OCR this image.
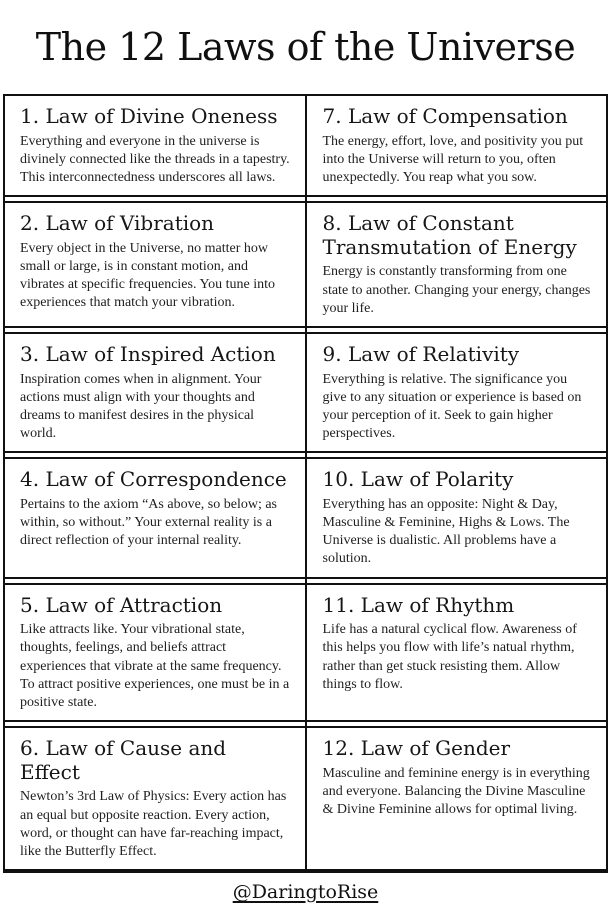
The 12 Laws of the Universe
1. Law of Divine Oneness

Everything and everyone in the universe is divinely connected like the threads in a tapestry. This interconnectedness underscores all laws.

7. Law of Compensation

The energy, effort, love, and positivity you put into the Universe will return to you, often unexpectedly. You reap what you sow.

2. Law of Vibration

Every object in the Universe, no matter how small or large, is in constant motion, and vibrates at specific frequencies. You tune into experiences that match your vibration.

8. Law of Constant Transmutation of Energy

Energy is constantly transforming from one state to another. Changing your energy, changes your life.

3. Law of Inspired Action

Inspiration comes when in alignment. Your actions must align with your thoughts and dreams to manifest desires in the physical world.

9. Law of Relativity

Everything is relative. The significance you give to any situation or experience is based on your perception of it. Seek to gain higher perspectives.

4. Law of Correspondence

Pertains to the axiom “As above, so below; as within, so without.” Your external reality is a direct reflection of your internal reality.

10. Law of Polarity

Everything has an opposite: Night & Day, Masculine & Feminine, Highs & Lows. The Universe is dualistic. All problems have a solution.

5. Law of Attraction

Like attracts like. Your vibrational state, thoughts, feelings, and beliefs attract experiences that vibrate at the same frequency. To attract positive experiences, one must be in a positive state.

11. Law of Rhythm

Life has a natural cyclical flow. Awareness of this helps you flow with life’s natual rhythm, rather than get stuck resisting them. Allow things to flow.

6. Law of Cause and Effect

Newton’s 3rd Law of Physics: Every action has an equal but opposite reaction. Every action, word, or thought can have far-reaching impact, like the Butterfly Effect.

12. Law of Gender

Masculine and feminine energy is in everything and everyone. Balancing the Divine Masculine & Divine Feminine allows for optimal living.

@DaringtoRise
